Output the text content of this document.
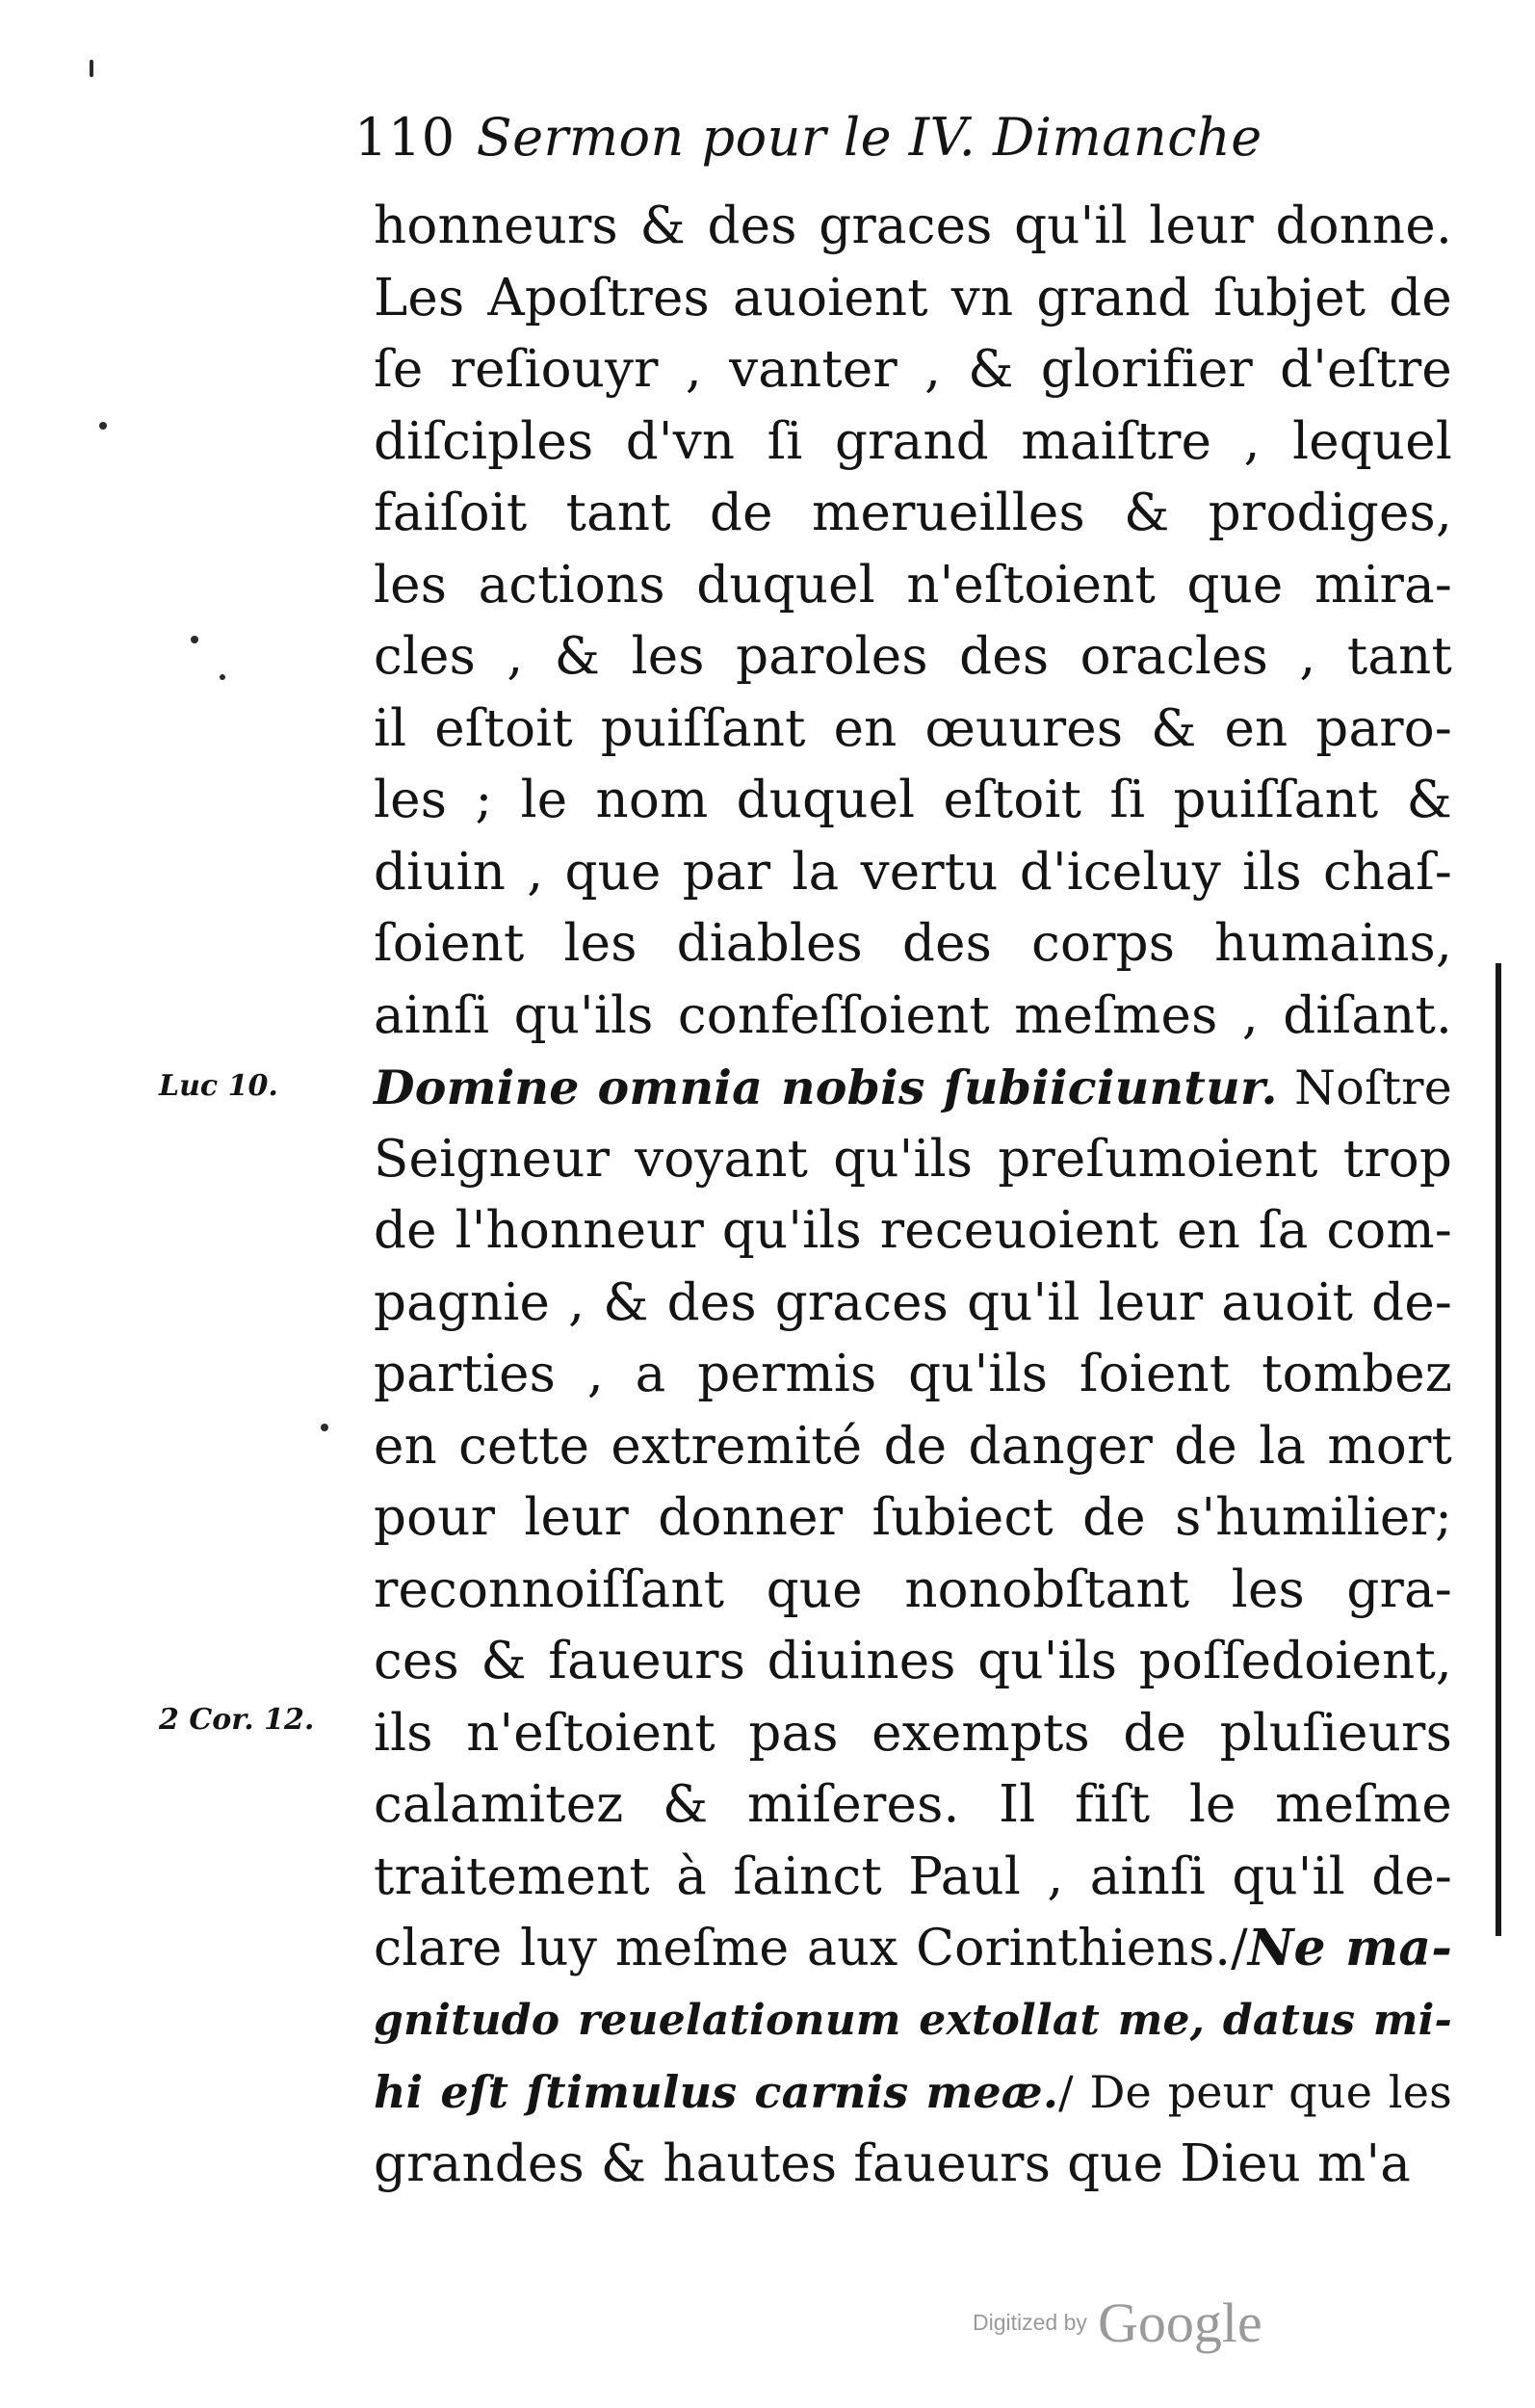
110 Sermon pour le IV. Dimanche
Luc 10.
2 Cor. 12.
honneurs & des graces qu'il leur donne.
Les Apoſtres auoient vn grand ſubjet de
ſe reſiouyr , vanter , & glorifier d'eſtre
diſciples d'vn ſi grand maiſtre , lequel
faiſoit tant de merueilles & prodiges,
les actions duquel n'eſtoient que mira-
cles , & les paroles des oracles , tant
il eſtoit puiſſant en œuures & en paro-
les ; le nom duquel eſtoit ſi puiſſant &
diuin , que par la vertu d'iceluy ils chaſ-
ſoient les diables des corps humains,
ainſi qu'ils confeſſoient meſmes , diſant.
Domine omnia nobis ſubiiciuntur. Noſtre
Seigneur voyant qu'ils preſumoient trop
de l'honneur qu'ils receuoient en ſa com-
pagnie , & des graces qu'il leur auoit de-
parties , a permis qu'ils ſoient tombez
en cette extremité de danger de la mort
pour leur donner ſubiect de s'humilier;
reconnoiſſant que nonobſtant les gra-
ces & faueurs diuines qu'ils poſſedoient,
ils n'eſtoient pas exempts de pluſieurs
calamitez & miſeres. Il fiſt le meſme
traitement à ſainct Paul , ainſi qu'il de-
clare luy meſme aux Corinthiens./Ne ma-
gnitudo reuelationum extollat me, datus mi-
hi eſt ſtimulus carnis meæ./ De peur que les
grandes & hautes faueurs que Dieu m'a
Digitized by Google
